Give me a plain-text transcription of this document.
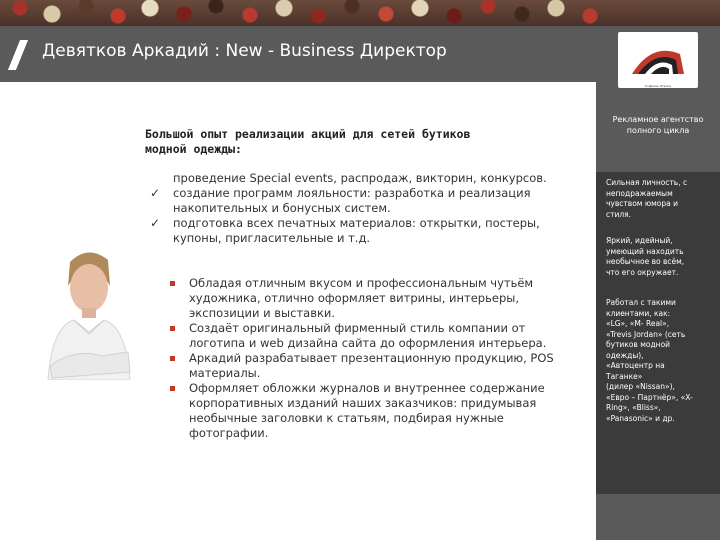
Девятков Аркадий : New - Business Директор
Софиэль Эталон
Рекламное агентство
полного цикла
Сильная личность, с
неподражаемым
чувством юмора и
стиля.
Яркий, идейный,
умеющий находить
необычное во всём,
что его окружает.
Работал с такими
клиентами, как:
«LG», «M- Real»,
«Trevis Jordan» (сеть
бутиков модной
одежды),
«Автоцентр на
Таганке»
(дилер «Nissan»),
«Евро – Партнёр», «X-
Ring», «Bliss»,
«Panasonic» и др.
Большой опыт реализации акций для сетей бутиков
модной одежды:
проведение Special events, распродаж, викторин, конкурсов.
✓	создание программ лояльности: разработка и реализация
накопительных и бонусных систем.
✓	подготовка всех печатных материалов: открытки, постеры,
купоны, пригласительные и т.д.
Обладая отличным вкусом и профессиональным чутьём
художника, отлично оформляет витрины, интерьеры,
экспозиции и выставки.
Создаёт оригинальный фирменный стиль компании от
логотипа и web дизайна сайта до оформления интерьера.
Аркадий разрабатывает презентационную продукцию, POS
материалы.
Оформляет обложки журналов и внутреннее содержание
корпоративных изданий наших заказчиков: придумывая
необычные заголовки к статьям, подбирая нужные
фотографии.
